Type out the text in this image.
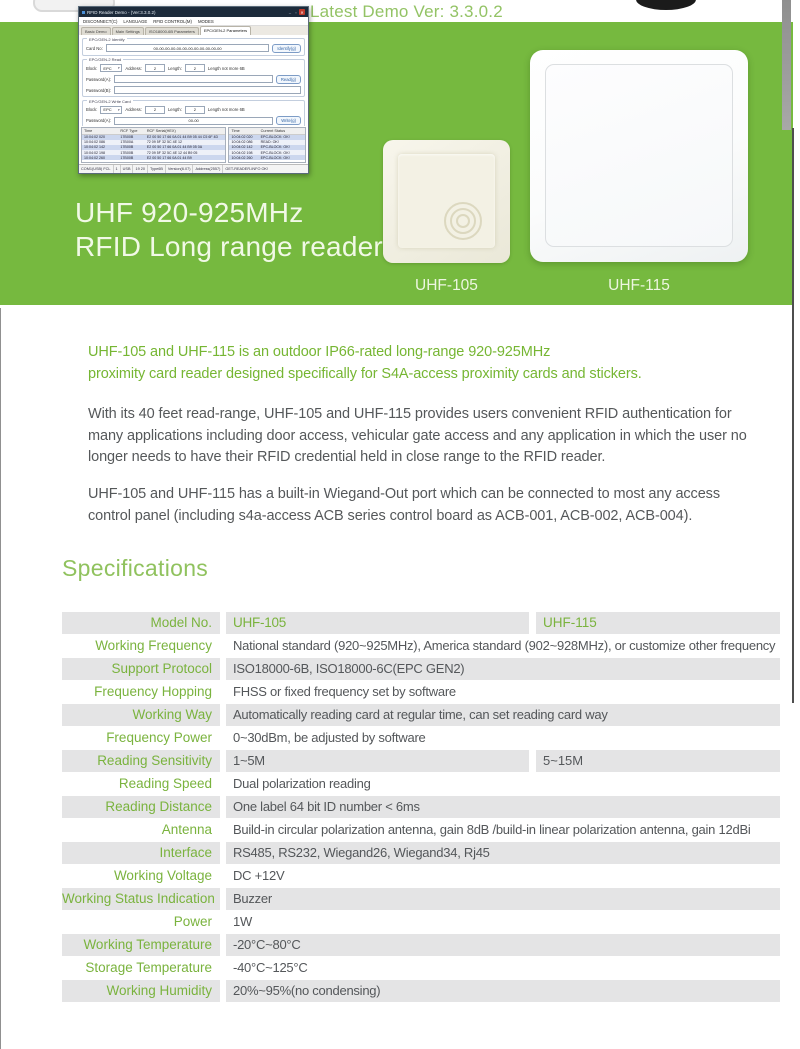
Latest Demo Ver: 3.3.0.2
UHF 920-925MHz
RFID Long range reader
UHF-105	UHF-115
RFID Reader Demo - (Ver:3.3.0.2)	–	▫ ✕
DISCONNECT(C) LANGUAGE RFID CONTROL(M) MODES
Basic Demo	Main Settings	ISO18000-6B Parameters	EPC/GEN-2 Parameters
EPC/GEN-2 Identify
Card No:	00-00-00-00-00-00-00-00-00-00-00-00	Identify(g)
EPC/GEN-2 Read
Block: EPC ▾ Address:	2	Length:	2	Length not more 6B
Password(A):	Read(g)
Password(B):
EPC/GEN-2 Write Card
Block: EPC ▾ Address:	2	Length:	2	Length not more 6B
Password(A):	00-00	Write(g)
Time	RCF Type	RCF Serial(HEX)
10:04:02 020	17B00B	E2 00 50 17 66 0A 01 44 B9 05 44 C5 6F 4D
10:04:02 086	17B00A	72 09 5F 32 5C 4E 12
10:04:02 142	17B00B	E2 00 50 17 66 0A 01 44 B9 05 0A
10:04:02 198	17B00B	72 09 5F 32 5C 4E 12 44 B9 05
10:04:02 260	17B00B	E2 00 50 17 66 0A 01 44 B9
Time	Current Status
10:04:02 020	EPC-BLOCK: OK!
10:04:02 086	READ: OK!
10:04:02 142	EPC-BLOCK: OK!
10:04:02 198	EPC-BLOCK: OK!
10:04:02 260	EPC-BLOCK: OK!
COM1(USB) FCL	1	USB	19 20	Type6B	Version(6.07)	Address(2557)	GET-READER-INFO OK!
UHF-105 and UHF-115 is an outdoor IP66-rated long-range 920-925MHz
proximity card reader designed specifically for S4A-access proximity cards and stickers.
With its 40 feet read-range, UHF-105 and UHF-115 provides users convenient RFID authentication for many applications including door access, vehicular gate access and any application in which the user no longer needs to have their RFID credential held in close range to the RFID reader.
UHF-105 and UHF-115 has a built-in Wiegand-Out port which can be connected to most any access control panel (including s4a-access ACB series control board as ACB-001, ACB-002, ACB-004).
Specifications
Model No.	UHF-105	UHF-115
Working Frequency	National standard (920~925MHz), America standard (902~928MHz), or customize other frequency
Support Protocol	ISO18000-6B, ISO18000-6C(EPC GEN2)
Frequency Hopping	FHSS or fixed frequency set by software
Working Way	Automatically reading card at regular time, can set reading card way
Frequency Power	0~30dBm, be adjusted by software
Reading Sensitivity	1~5M	5~15M
Reading Speed	Dual polarization reading
Reading Distance	One label 64 bit ID number < 6ms
Antenna	Build-in circular polarization antenna, gain 8dB /build-in linear polarization antenna, gain 12dBi
Interface	RS485, RS232, Wiegand26, Wiegand34, Rj45
Working Voltage	DC +12V
Working Status Indication	Buzzer
Power	1W
Working Temperature	-20°C~80°C
Storage Temperature	-40°C~125°C
Working Humidity	20%~95%(no condensing)
